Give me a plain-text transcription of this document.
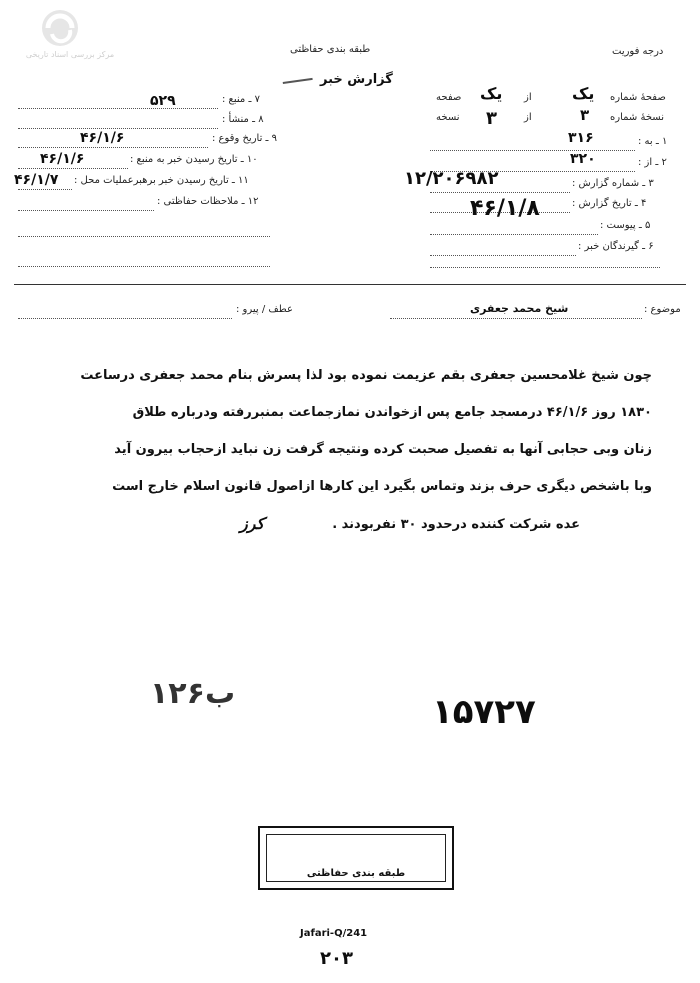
مرکز بررسی اسناد تاریخی	طبقه بندی حفاظتی	درجه فوریت
گزارش خبر
۷ ـ منبع :
۵۲۹
۸ ـ منشأ :
۹ ـ تاریخ وقوع :
۴۶/۱/۶
۱۰ ـ تاریخ رسیدن خبر به منبع :
۴۶/۱/۶
۱۱ ـ تاریخ رسیدن خبر برهبرعملیات محل :
۴۶/۱/۷
۱۲ ـ ملاحظات حفاظتی :
صفحهٔ شماره
یک
از
یک
صفحه
نسخهٔ شماره
۳
از
۳
نسخه
۱ ـ به :
۳۱۶
۲ ـ از :
۳۲۰
۳ ـ شماره گزارش :
۱۲/۲۰۶۹۸۲
۴ ـ تاریخ گزارش :
۴۶/۱/۸
۵ ـ پیوست :
۶ ـ گیرندگان خبر :
موضوع :
شیخ محمد جعفری
عطف / پیرو :
چون شیخ غلامحسین جعفری بقم عزیمت نموده بود لذا پسرش بنام محمد جعفری درساعت
۱۸۳۰ روز ۴۶/۱/۶ درمسجد جامع پس ازخواندن نمازجماعت بمنبررفته ودرباره طلاق
زنان وبی حجابی آنها به تفصیل صحبت کرده ونتیجه گرفت زن نباید ازحجاب بیرون آید
وبا باشخص دیگری حرف بزند وتماس بگیرد این کارها ازاصول قانون اسلام خارج است
عده شرکت کننده درحدود ۳۰ نفربودند .
کرز
ب۱۲۶	۱۵۷۲۷
طبقه بندی حفاظتی
Jafari-Q/241
۲۰۳
